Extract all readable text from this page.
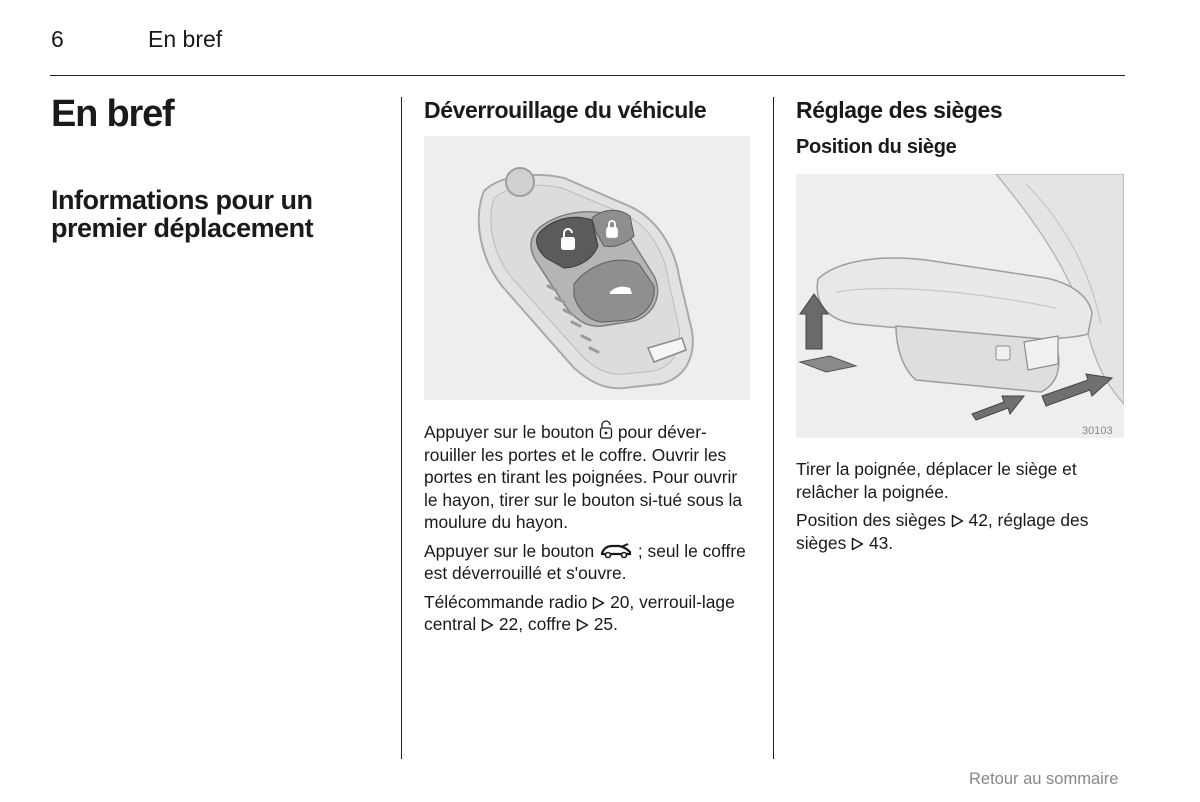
6	En bref
En bref
Informations pour un premier déplacement
Déverrouillage du véhicule

Appuyer sur le bouton pour déver-rouiller les portes et le coffre. Ouvrir les portes en tirant les poignées. Pour ouvrir le hayon, tirer sur le bouton si-tué sous la moulure du hayon.

Appuyer sur le bouton	; seul le coffre est déverrouillé et s'ouvre.

Télécommande radio 20, verrouil-lage central 22, coffre 25.

Réglage des sièges
Position du siège
30103

Tirer la poignée, déplacer le siège et relâcher la poignée.

Position des sièges 42, réglage des sièges 43.

Retour au sommaire
